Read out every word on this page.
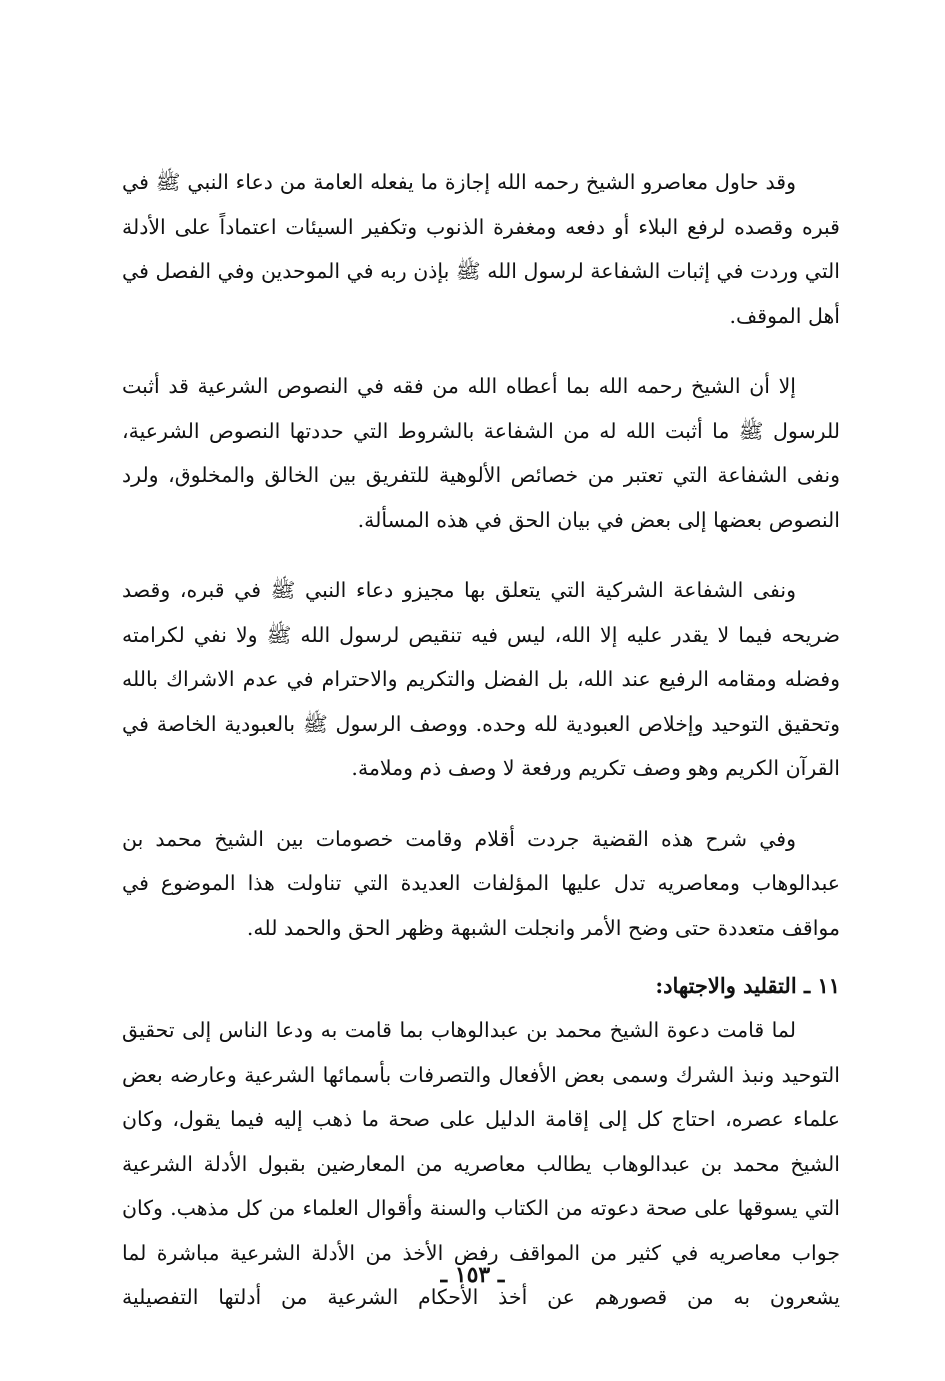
وقد حاول معاصرو الشيخ رحمه الله إجازة ما يفعله العامة من دعاء النبي ﷺ في قبره وقصده لرفع البلاء أو دفعه ومغفرة الذنوب وتكفير السيئات اعتماداً على الأدلة التي وردت في إثبات الشفاعة لرسول الله ﷺ بإذن ربه في الموحدين وفي الفصل في أهل الموقف.

إلا أن الشيخ رحمه الله بما أعطاه الله من فقه في النصوص الشرعية قد أثبت للرسول ﷺ ما أثبت الله له من الشفاعة بالشروط التي حددتها النصوص الشرعية، ونفى الشفاعة التي تعتبر من خصائص الألوهية للتفريق بين الخالق والمخلوق، ولرد النصوص بعضها إلى بعض في بيان الحق في هذه المسألة.

ونفى الشفاعة الشركية التي يتعلق بها مجيزو دعاء النبي ﷺ في قبره، وقصد ضريحه فيما لا يقدر عليه إلا الله، ليس فيه تنقيص لرسول الله ﷺ ولا نفي لكرامته وفضله ومقامه الرفيع عند الله، بل الفضل والتكريم والاحترام في عدم الاشراك بالله وتحقيق التوحيد وإخلاص العبودية لله وحده. ووصف الرسول ﷺ بالعبودية الخاصة في القرآن الكريم وهو وصف تكريم ورفعة لا وصف ذم وملامة.

وفي شرح هذه القضية جردت أقلام وقامت خصومات بين الشيخ محمد بن عبدالوهاب ومعاصريه تدل عليها المؤلفات العديدة التي تناولت هذا الموضوع في مواقف متعددة حتى وضح الأمر وانجلت الشبهة وظهر الحق والحمد لله.

١١ ـ التقليد والاجتهاد:

لما قامت دعوة الشيخ محمد بن عبدالوهاب بما قامت به ودعا الناس إلى تحقيق التوحيد ونبذ الشرك وسمى بعض الأفعال والتصرفات بأسمائها الشرعية وعارضه بعض علماء عصره، احتاج كل إلى إقامة الدليل على صحة ما ذهب إليه فيما يقول، وكان الشيخ محمد بن عبدالوهاب يطالب معاصريه من المعارضين بقبول الأدلة الشرعية التي يسوقها على صحة دعوته من الكتاب والسنة وأقوال العلماء من كل مذهب. وكان جواب معاصريه في كثير من المواقف رفض الأخذ من الأدلة الشرعية مباشرة لما يشعرون به من قصورهم عن أخذ الأحكام الشرعية من أدلتها التفصيلية

ـ ١٥٣ ـ
